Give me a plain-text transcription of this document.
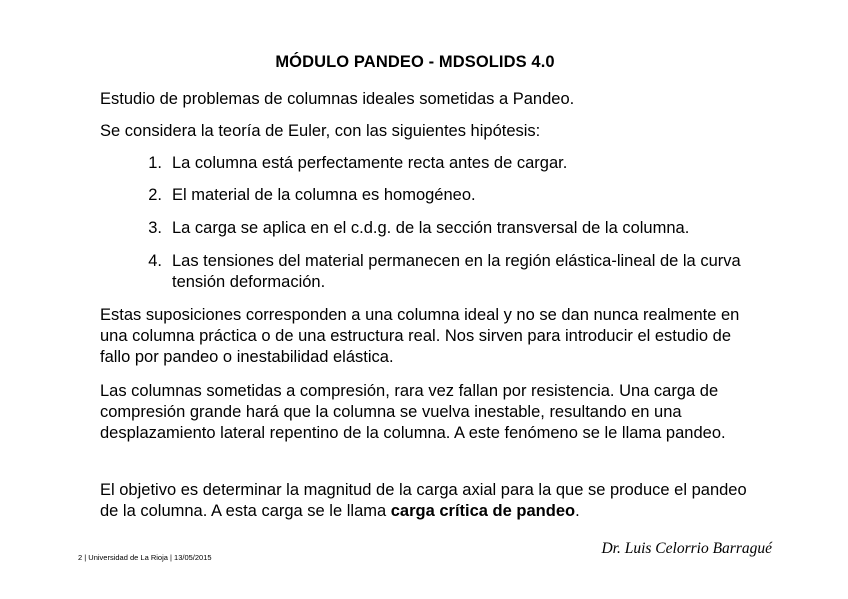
MÓDULO PANDEO - MDSOLIDS 4.0

Estudio de problemas de columnas ideales sometidas a Pandeo.

Se considera la teoría de Euler, con las siguientes hipótesis:

1. La columna está perfectamente recta antes de cargar.
2. El material de la columna es homogéneo.
3. La carga se aplica en el c.d.g. de la sección transversal de la columna.
4. Las tensiones del material permanecen en la región elástica-lineal de la curva tensión deformación.

Estas suposiciones corresponden a una columna ideal y no se dan nunca realmente en una columna práctica o de una estructura real. Nos sirven para introducir el estudio de fallo por pandeo o inestabilidad elástica.

Las columnas sometidas a compresión, rara vez fallan por resistencia. Una carga de compresión grande hará que la columna se vuelva inestable, resultando en una desplazamiento lateral repentino de la columna. A este fenómeno se le llama pandeo.

El objetivo es determinar la magnitud de la carga axial para la que se produce el pandeo de la columna. A esta carga se le llama carga crítica de pandeo.

2 | Universidad de La Rioja | 13/05/2015
Dr. Luis Celorrio Barragué
